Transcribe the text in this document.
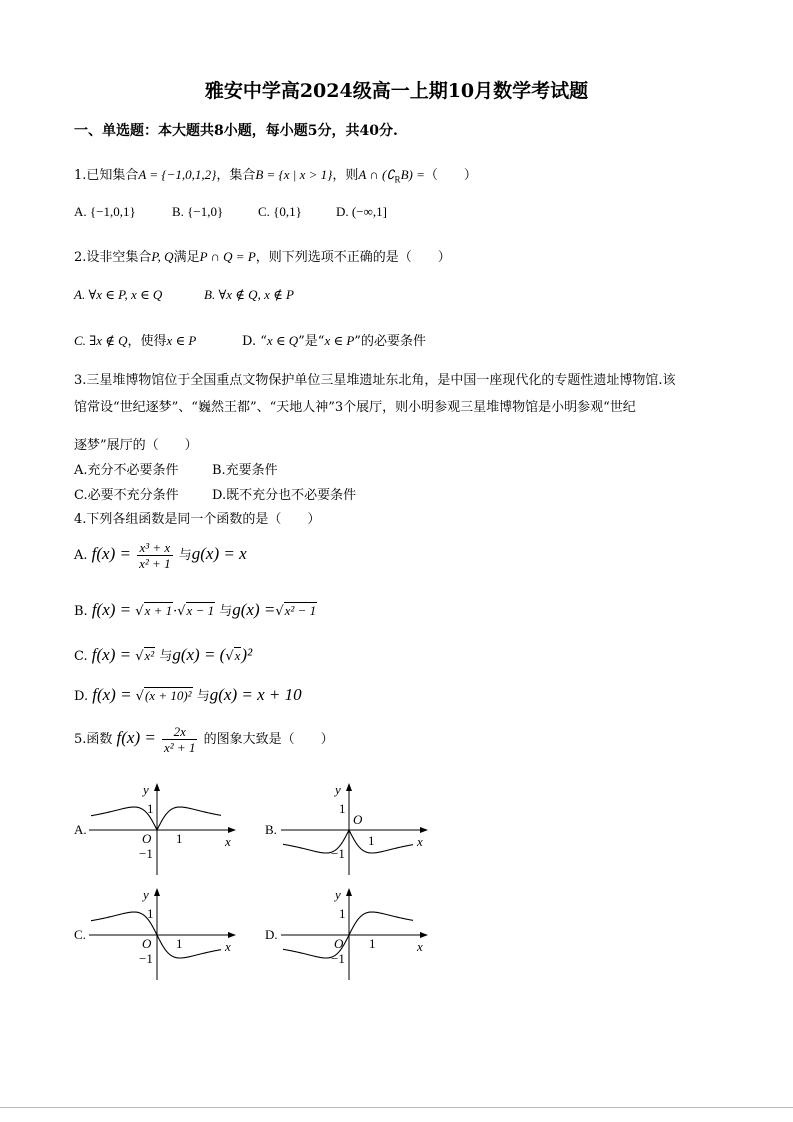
雅安中学高2024级高一上期10月数学考试题
一、单选题：本大题共8小题，每小题5分，共40分.
1.已知集合A = {−1,0,1,2}，集合B = {x | x > 1}，则A ∩ $(∁_RB)$ =（　　）
A. {−1,0,1}	B. {−1,0}	C. {0,1}	D. (−∞,1]
2.设非空集合P, Q满足P ∩ Q = P，则下列选项不正确的是（　　）
A. ∀x ∈ P, x ∈ Q	B. ∀x ∉ Q, x ∉ P
C. ∃x ∉ Q，使得x ∈ P	D. “x ∈ Q”是“x ∈ P”的必要条件
3.三星堆博物馆位于全国重点文物保护单位三星堆遗址东北角，是中国一座现代化的专题性遗址博物馆.该
馆常设“世纪逐梦”、“巍然王都”、“天地人神”3个展厅，则小明参观三星堆博物馆是小明参观“世纪
逐梦”展厅的（　　）
A.充分不必要条件	B.充要条件
C.必要不充分条件	D.既不充分也不必要条件
4.下列各组函数是同一个函数的是（　　）
A. $f(x) = \frac{\text{x³ + x}}{\text{x² + 1}}$ 与g(x) = x
B. f(x) = √x + 1·√x − 1 与g(x) =√x² − 1
C. f(x) = √x² 与g(x) = (√x)²
D. f(x) = √(x + 10)² 与g(x) = x + 10
5.函数 $f(x) = \frac{2x}{\text{x² + 1}}$ 的图象大致是（　　）
A.
y
x
O
1
−1
1
B.
y
x
O
1
−1
1
C.
y
x
O
1
−1
1
D.
y
x
O
1
−1
1
